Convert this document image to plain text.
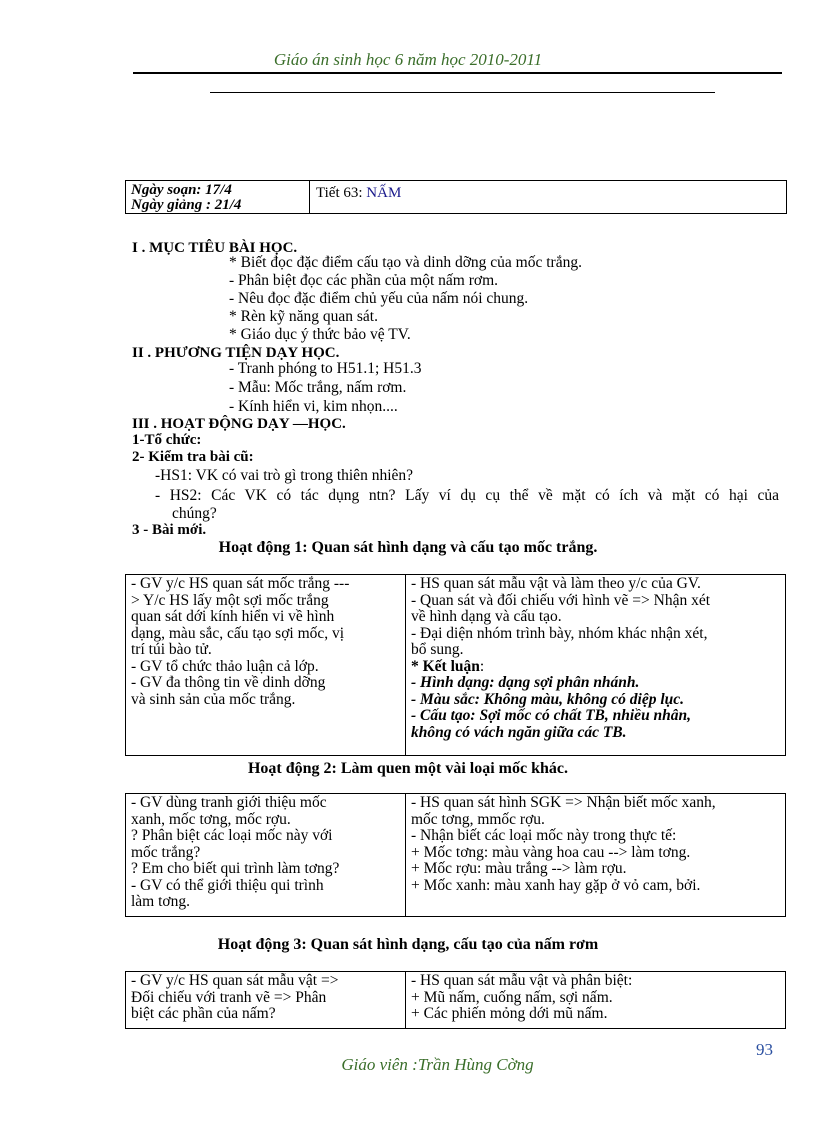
Giáo án sinh học 6 năm học 2010-2011
Ngày soạn: 17/4
Ngày giảng : 21/4
Tiết 63: NẤM
I . MỤC TIÊU BÀI HỌC.
* Biết đọc đặc điểm cấu tạo và dinh dỡng của mốc trắng.
- Phân biệt đọc các phần của một nấm rơm.
- Nêu đọc đặc điểm chủ yếu của nấm nói chung.
* Rèn kỹ năng quan sát.
* Giáo dục ý thức bảo vệ TV.
II . PHƯƠNG TIỆN DẠY HỌC.
- Tranh phóng to H51.1; H51.3
- Mẫu: Mốc trắng, nấm rơm.
- Kính hiển vi, kim nhọn....
III . HOẠT ĐỘNG DẠY —HỌC.
1-Tổ chức:
2- Kiểm tra bài cũ:
-HS1: VK có vai trò gì trong thiên nhiên?
- HS2: Các VK có tác dụng ntn? Lấy ví dụ cụ thể về mặt có ích và mặt có hại của
chúng?
3 - Bài mới.
Hoạt động 1: Quan sát hình dạng và cấu tạo mốc trắng.

- GV y/c HS quan sát mốc trắng ---

> Y/c HS lấy một sợi mốc trắng

quan sát dới kính hiển vi về hình

dạng, màu sắc, cấu tạo sợi mốc, vị

trí túi bào tử.

- GV tổ chức thảo luận cả lớp.

- GV đa thông tin về dinh dỡng

và sinh sản của mốc trắng.

- HS quan sát mẫu vật và làm theo y/c của GV.

- Quan sát và đối chiếu với hình vẽ => Nhận xét

về hình dạng và cấu tạo.

- Đại diện nhóm trình bày, nhóm khác nhận xét,

bổ sung.

* Kết luận:

- Hình dạng: dạng sợi phân nhánh.

- Màu sắc: Không màu, không có diệp lục.

- Cấu tạo: Sợi mốc có chất TB, nhiều nhân,

không có vách ngăn giữa các TB.

Hoạt động 2: Làm quen một vài loại mốc khác.

- GV dùng tranh giới thiệu mốc

xanh, mốc tơng, mốc rợu.

? Phân biệt các loại mốc này với

mốc trắng?

? Em cho biết qui trình làm tơng?

- GV có thể giới thiệu qui trình

làm tơng.

- HS quan sát hình SGK => Nhận biết mốc xanh,

mốc tơng, mmốc rợu.

- Nhận biết các loại mốc này trong thực tế:

+ Mốc tơng: màu vàng hoa cau --> làm tơng.

+ Mốc rợu: màu trắng --> làm rợu.

+ Mốc xanh: màu xanh hay gặp ở vỏ cam, bởi.

Hoạt động 3: Quan sát hình dạng, cấu tạo của nấm rơm

- GV y/c HS quan sát mẫu vật =>

Đối chiếu với tranh vẽ => Phân

biệt các phần của nấm?

- HS quan sát mẫu vật và phân biệt:

+ Mũ nấm, cuống nấm, sợi nấm.

+ Các phiến mỏng dới mũ nấm.

93
Giáo viên :Trần Hùng Cờng
